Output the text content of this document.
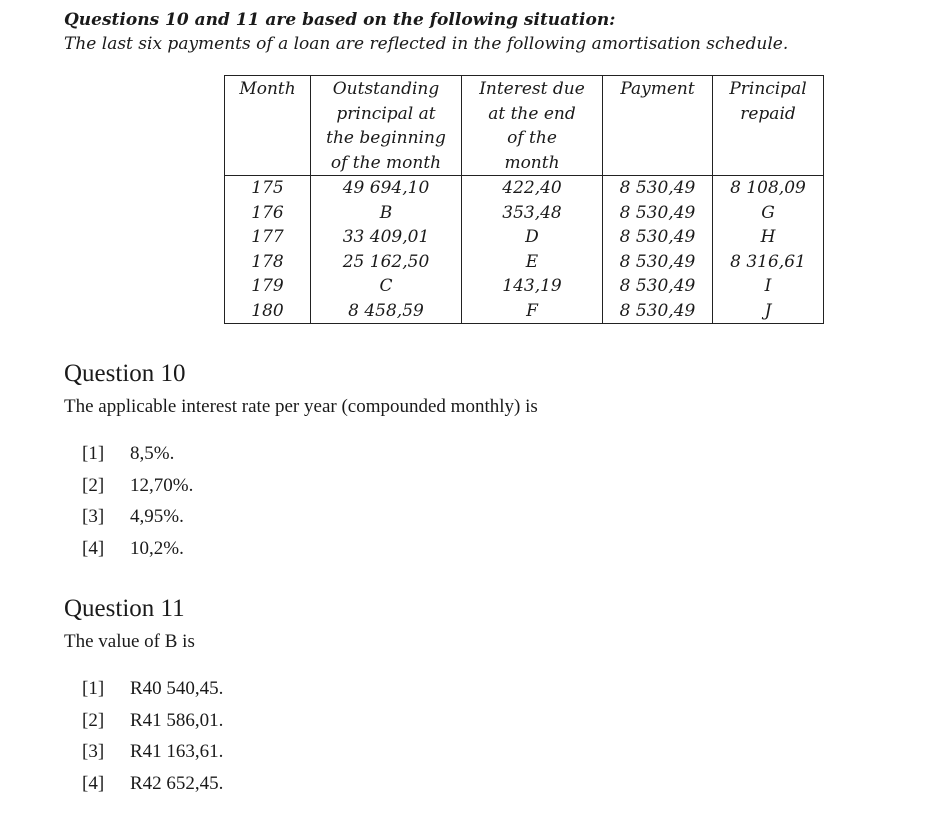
Questions 10 and 11 are based on the following situation:

The last six payments of a loan are reflected in the following amortisation schedule.

Month	Outstanding
principal at
the beginning
of the month	Interest due
at the end
of the
month	Payment	Principal
repaid
175	49 694,10	422,40	8 530,49	8 108,09
176	B	353,48	8 530,49	G
177	33 409,01	D	8 530,49	H
178	25 162,50	E	8 530,49	8 316,61
179	C	143,19	8 530,49	I
180	8 458,59	F	8 530,49	J
Question 10

The applicable interest rate per year (compounded monthly) is

[1]	8,5%.
[2]	12,70%.
[3]	4,95%.
[4]	10,2%.
Question 11

The value of B is

[1]	R40 540,45.
[2]	R41 586,01.
[3]	R41 163,61.
[4]	R42 652,45.
